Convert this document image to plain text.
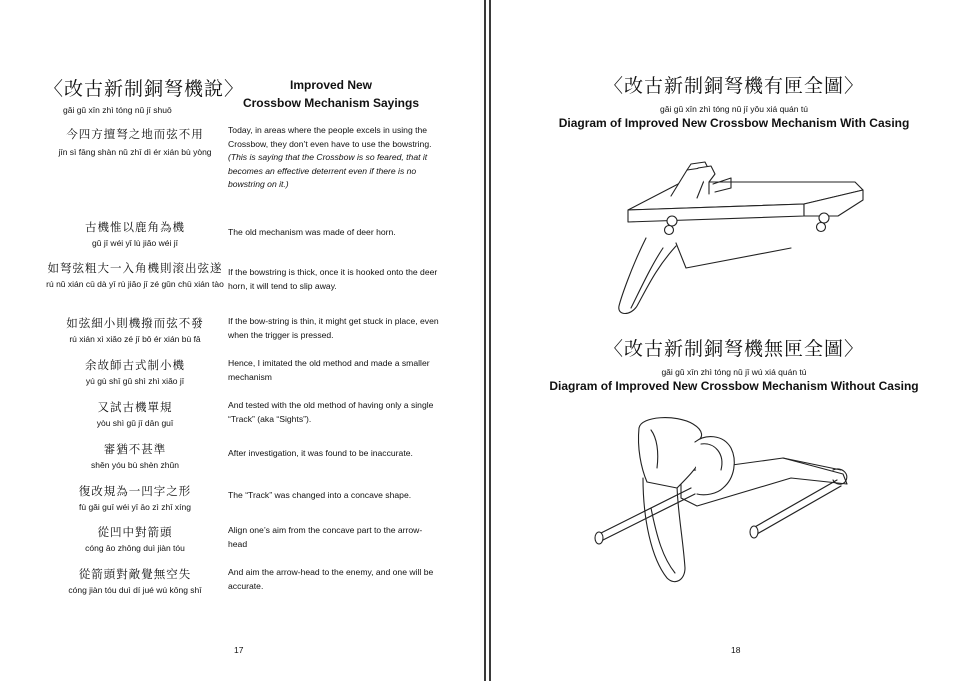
〈改古新制銅弩機說〉
gǎi gǔ xīn zhì tóng nǔ jī shuō
Improved New
Crossbow Mechanism Sayings
今四方擅弩之地而弦不用
jīn sì fāng shàn nǔ zhī dì ér xián bù yòng
Today, in areas where the people excels in using the Crossbow, they don’t even have to use the bowstring.
(This is saying that the Crossbow is so feared, that it becomes an effective deterrent even if there is no bowstring on it.)
古機惟以鹿角為機
gǔ jī wéi yǐ lù jiǎo wéi jī
The old mechanism was made of deer horn.
如弩弦粗大一入角機則滚出弦遂
rú nǔ xián cū dà yī rù jiǎo jī zé gǔn chū xián tào
If the bowstring is thick, once it is hooked onto the deer horn, it will tend to slip away.
如弦細小則機撥而弦不發
rú xián xì xiǎo zé jī bō ér xián bù fā
If the bow-string is thin, it might get stuck in place, even when the trigger is pressed.
余故師古式制小機
yú gù shī gǔ shì zhì xiǎo jī
Hence, I imitated the old method and made a smaller mechanism
又試古機單規
yòu shì gǔ jī dān guī
And tested with the old method of having only a single “Track” (aka “Sights”).
審猶不甚準
shěn yóu bù shèn zhǔn
After investigation, it was found to be inaccurate.
復改規為一凹字之形
fù gǎi guī wéi yī āo zì zhī xíng
The “Track” was changed into a concave shape.
從凹中對箭頭
cóng āo zhōng duì jiàn tóu
Align one’s aim from the concave part to the arrow-head
從箭頭對敵覺無空失
cóng jiàn tóu duì dí jué wú kōng shī
And aim the arrow-head to the enemy, and one will be accurate.
17
〈改古新制銅弩機有匣全圖〉
gǎi gǔ xīn zhì tóng nǔ jī yǒu xiá quán tú
Diagram of Improved New Crossbow Mechanism With Casing
〈改古新制銅弩機無匣全圖〉
gǎi gǔ xīn zhì tóng nǔ jī wú xiá quán tú
Diagram of Improved New Crossbow Mechanism Without Casing
18
